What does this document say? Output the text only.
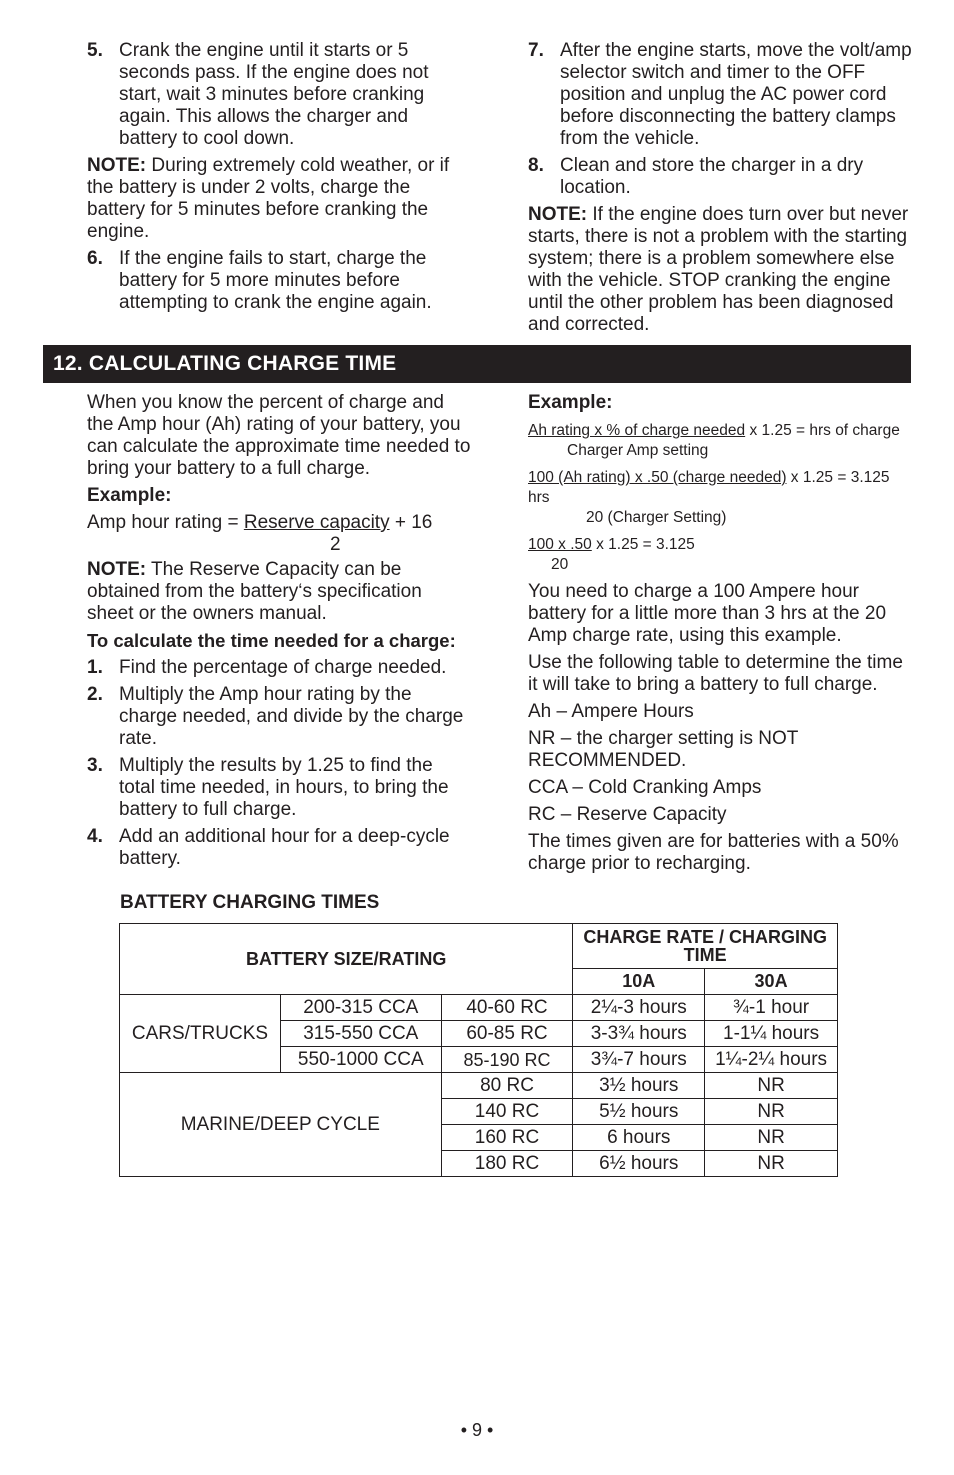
5. Crank the engine until it starts or 5 seconds pass. If the engine does not start, wait 3 minutes before cranking again. This allows the charger and battery to cool down.

NOTE: During extremely cold weather, or if the battery is under 2 volts, charge the battery for 5 minutes before cranking the engine.

6. If the engine fails to start, charge the battery for 5 more minutes before attempting to crank the engine again.
7. After the engine starts, move the volt/amp selector switch and timer to the OFF position and unplug the AC power cord before disconnecting the battery clamps from the vehicle.
8. Clean and store the charger in a dry location.

NOTE: If the engine does turn over but never starts, there is not a problem with the starting system; there is a problem somewhere else with the vehicle. STOP cranking the engine until the other problem has been diagnosed and corrected.

12. CALCULATING CHARGE TIME

When you know the percent of charge and the Amp hour (Ah) rating of your battery, you can calculate the approximate time needed to bring your battery to a full charge.

Example:

Amp hour rating = Reserve capacity + 16
2

NOTE: The Reserve Capacity can be obtained from the battery‘s specification sheet or the owners manual.

To calculate the time needed for a charge:

1. Find the percentage of charge needed.
2. Multiply the Amp hour rating by the charge needed, and divide by the charge rate.
3. Multiply the results by 1.25 to find the total time needed, in hours, to bring the battery to full charge.
4. Add an additional hour for a deep-cycle battery.

Example:

Ah rating x % of charge needed x 1.25 = hrs of charge
Charger Amp setting
100 (Ah rating) x .50 (charge needed) x 1.25 = 3.125 hrs
20 (Charger Setting)
100 x .50 x 1.25 = 3.125
20

You need to charge a 100 Ampere hour battery for a little more than 3 hrs at the 20 Amp charge rate, using this example.

Use the following table to determine the time it will take to bring a battery to full charge.

Ah – Ampere Hours

NR – the charger setting is NOT RECOMMENDED.

CCA – Cold Cranking Amps

RC – Reserve Capacity

The times given are for batteries with a 50% charge prior to recharging.

BATTERY CHARGING TIMES
BATTERY SIZE/RATING			CHARGE RATE / CHARGING TIME	
			10A	30A
CARS/TRUCKS	200-315 CCA	40-60 RC	2¼-3 hours	¾-1 hour
	315-550 CCA	60-85 RC	3-3¾ hours	1-1¼ hours
	550-1000 CCA	85-190 RC	3¾-7 hours	1¼-2¼ hours
MARINE/DEEP CYCLE		80 RC	3½ hours	NR
		140 RC	5½ hours	NR
		160 RC	6 hours	NR
		180 RC	6½ hours	NR
• 9 •
